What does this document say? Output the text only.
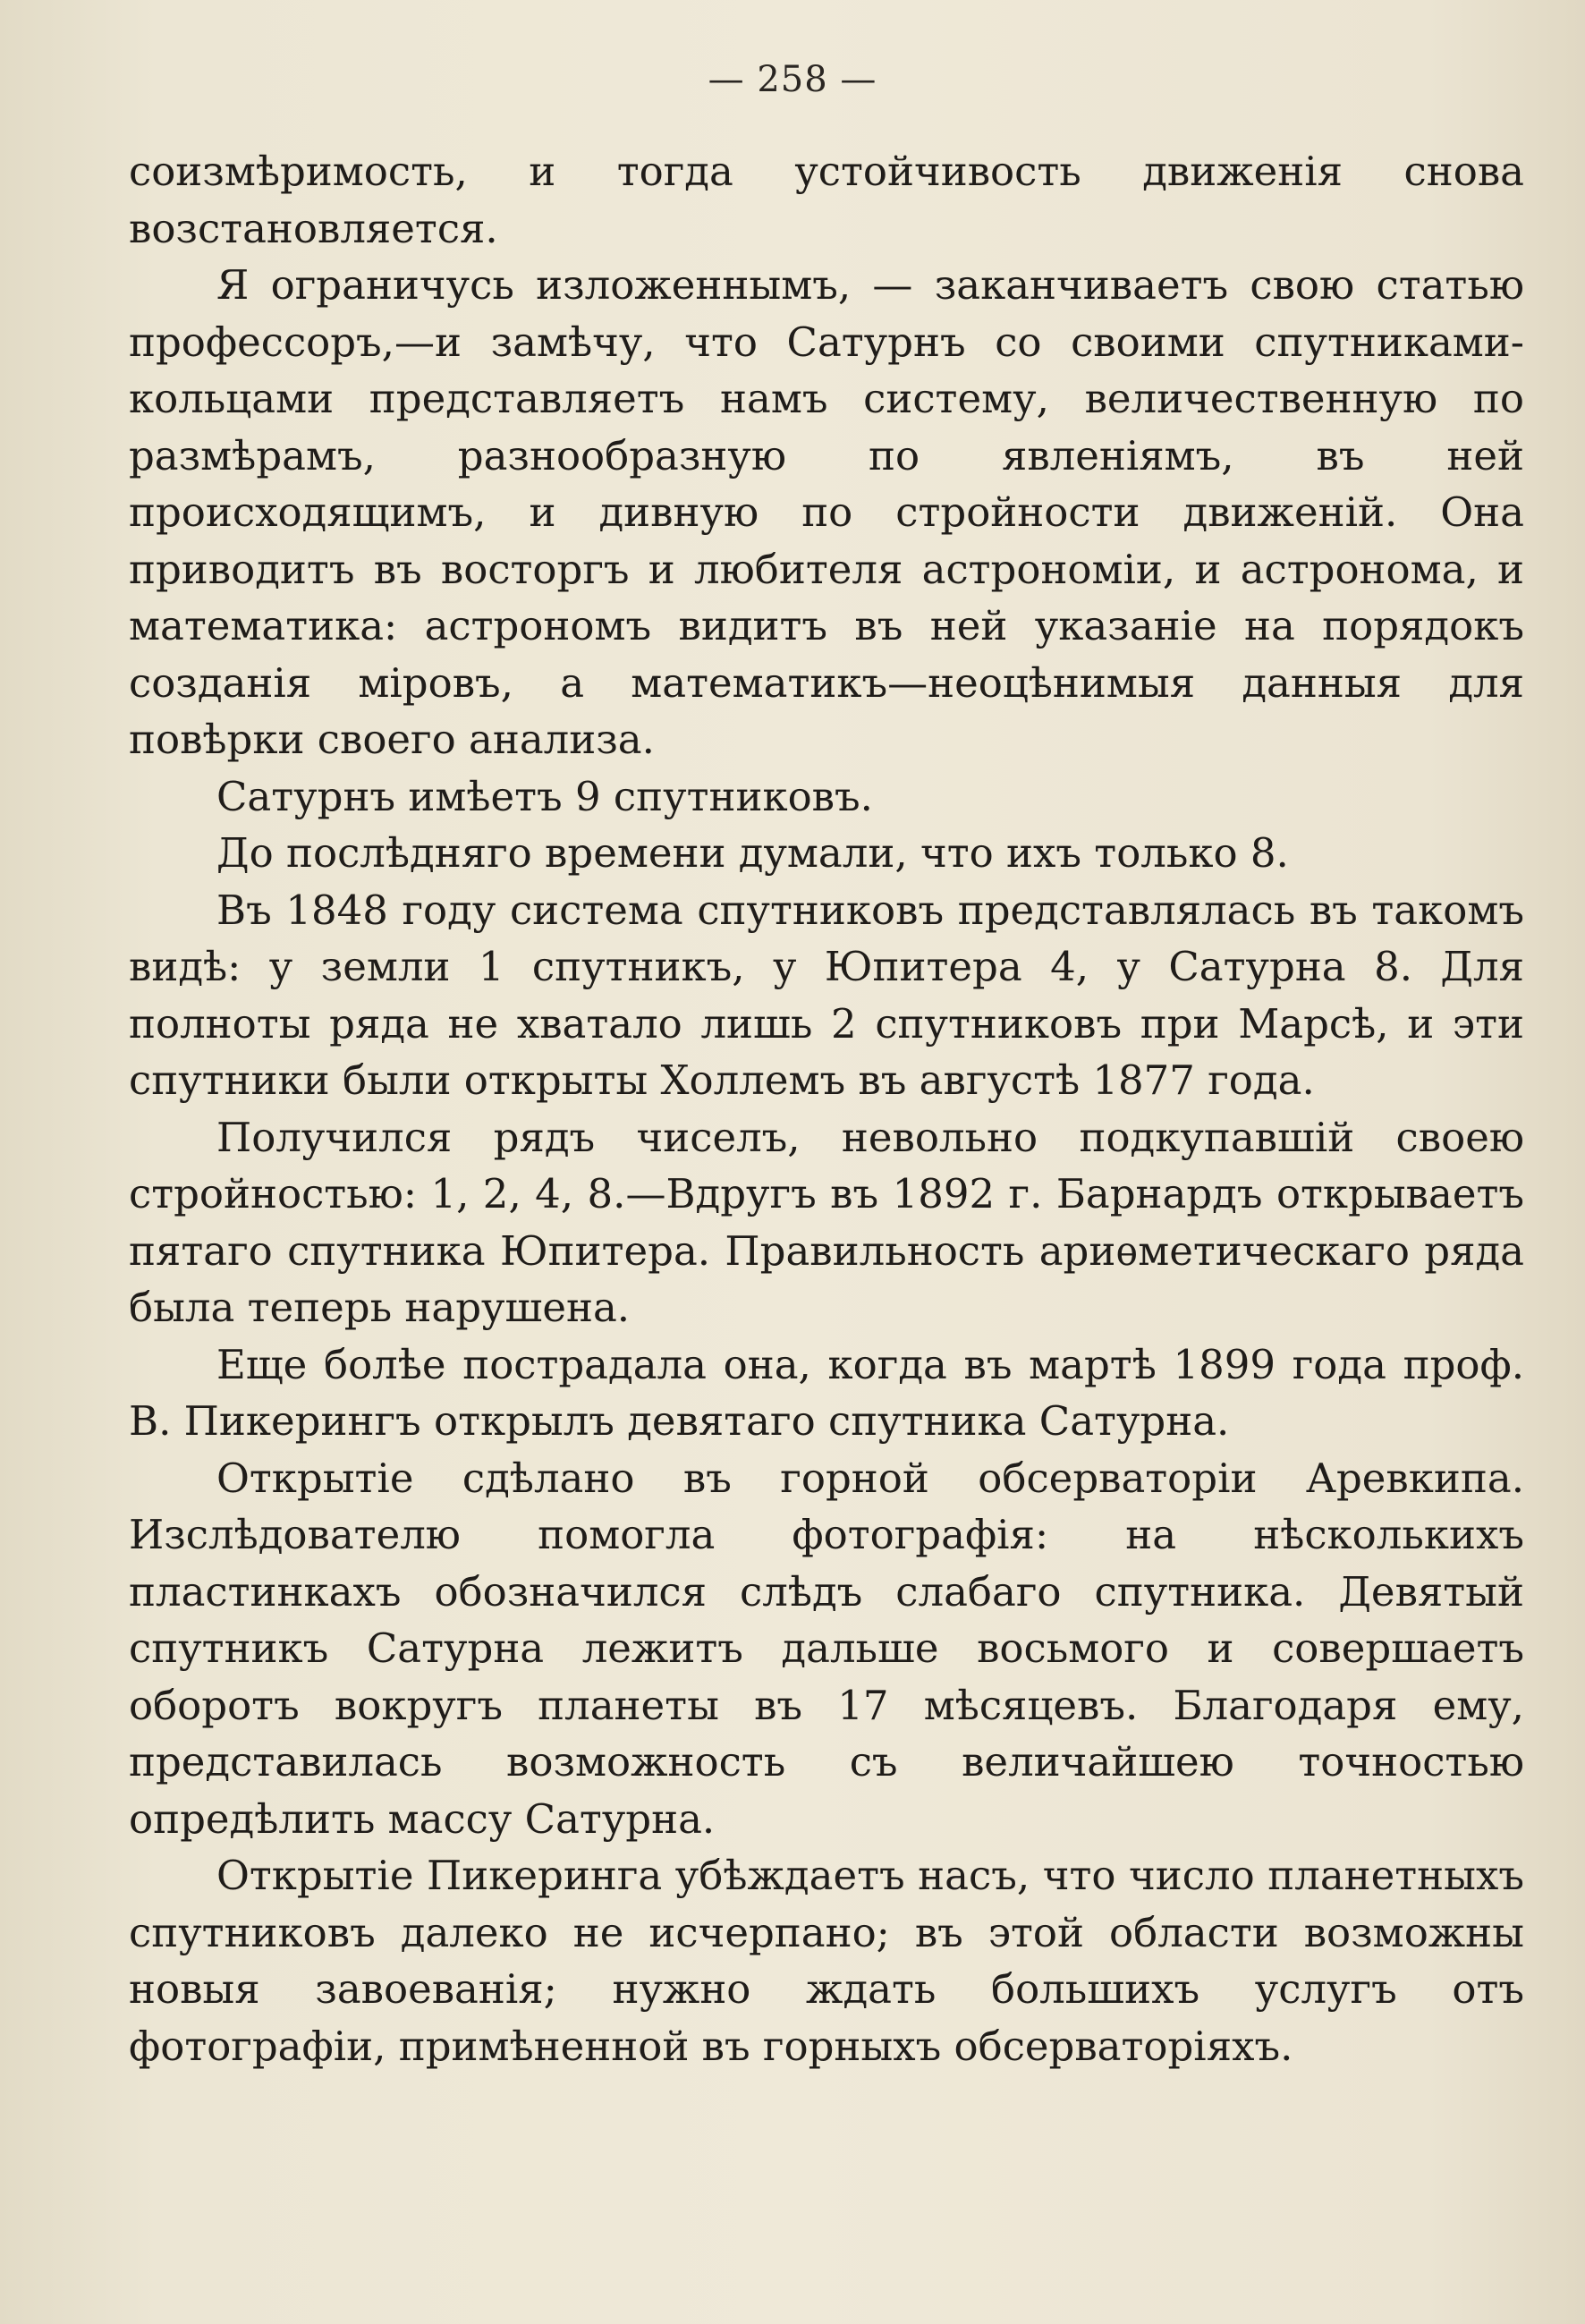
— 258 —

соизмѣримость, и тогда устойчивость движенія снова возстановляется.

Я ограничусь изложеннымъ, — заканчиваетъ свою статью профессоръ,—и замѣчу, что Сатурнъ со своими спутниками-кольцами представляетъ намъ систему, величественную по размѣрамъ, разнообразную по явленіямъ, въ ней происходящимъ, и дивную по стройности движеній. Она приводитъ въ восторгъ и любителя астрономіи, и астронома, и математика: астрономъ видитъ въ ней указаніе на порядокъ созданія міровъ, а математикъ—неоцѣнимыя данныя для повѣрки своего анализа.

Сатурнъ имѣетъ 9 спутниковъ.

До послѣдняго времени думали, что ихъ только 8.

Въ 1848 году система спутниковъ представлялась въ такомъ видѣ: у земли 1 спутникъ, у Юпитера 4, у Сатурна 8. Для полноты ряда не хватало лишь 2 спутниковъ при Марсѣ, и эти спутники были открыты Холлемъ въ августѣ 1877 года.

Получился рядъ чиселъ, невольно подкупавшій своею стройностью: 1, 2, 4, 8.—Вдругъ въ 1892 г. Барнардъ открываетъ пятаго спутника Юпитера. Правильность ариѳметическаго ряда была теперь нарушена.

Еще болѣе пострадала она, когда въ мартѣ 1899 года проф. В. Пикерингъ открылъ девятаго спутника Сатурна.

Открытіе сдѣлано въ горной обсерваторіи Аревкипа. Изслѣдователю помогла фотографія: на нѣсколькихъ пластинкахъ обозначился слѣдъ слабаго спутника. Девятый спутникъ Сатурна лежитъ дальше восьмого и совершаетъ оборотъ вокругъ планеты въ 17 мѣсяцевъ. Благодаря ему, представилась возможность съ величайшею точностью опредѣлить массу Сатурна.

Открытіе Пикеринга убѣждаетъ насъ, что число планетныхъ спутниковъ далеко не исчерпано; въ этой области возможны новыя завоеванія; нужно ждать большихъ услугъ отъ фотографіи, примѣненной въ горныхъ обсерваторіяхъ.
